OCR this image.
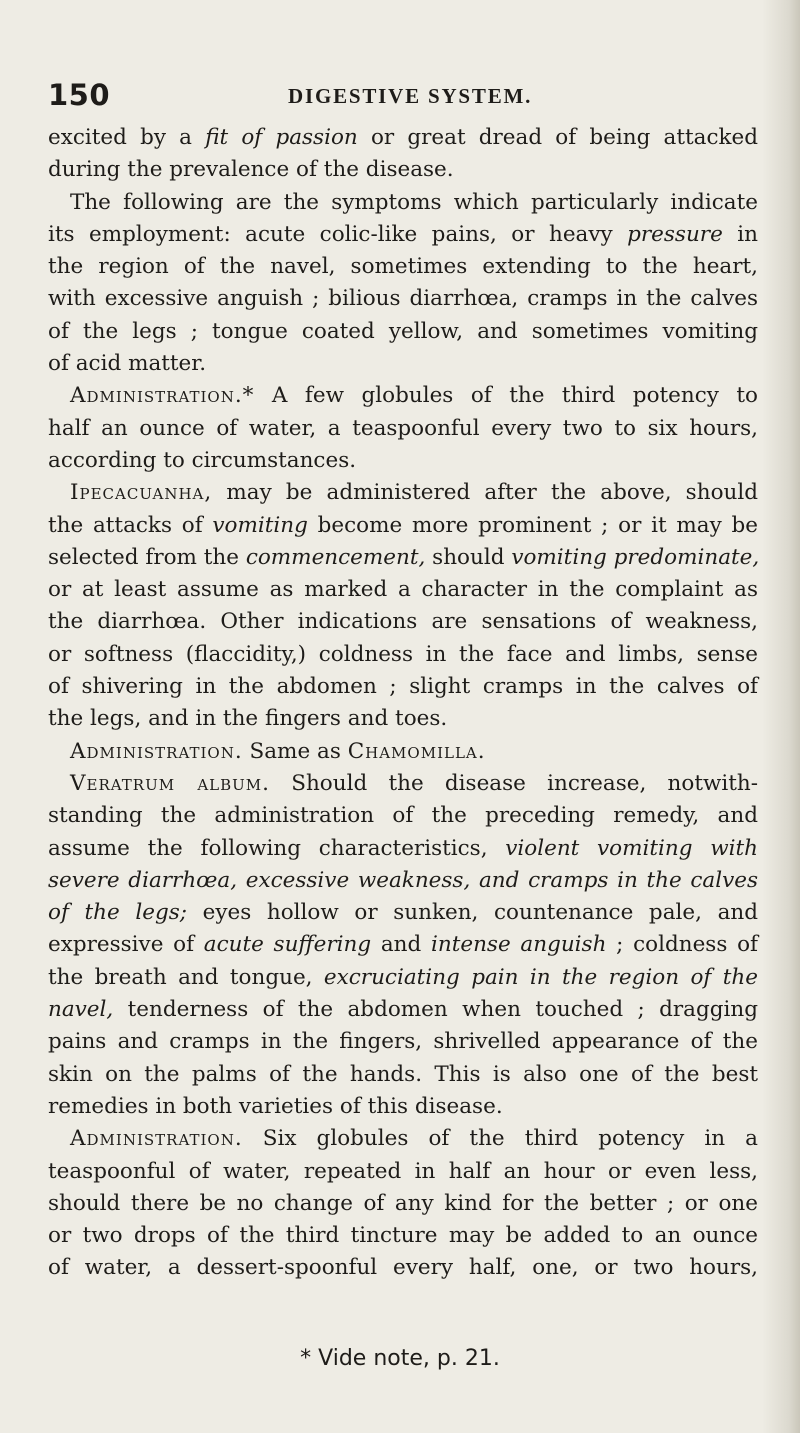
150	DIGESTIVE SYSTEM.
excited by a fit of passion or great dread of being attacked
during the prevalence of the disease.
The following are the symptoms which particularly indicate
its employment: acute colic-like pains, or heavy pressure in
the region of the navel, sometimes extending to the heart,
with excessive anguish ; bilious diarrhœa, cramps in the calves
of the legs ; tongue coated yellow, and sometimes vomiting
of acid matter.
Administration.* A few globules of the third potency to
half an ounce of water, a teaspoonful every two to six hours,
according to circumstances.
Ipecacuanha, may be administered after the above, should
the attacks of vomiting become more prominent ; or it may be
selected from the commencement, should vomiting predominate,
or at least assume as marked a character in the complaint as
the diarrhœa. Other indications are sensations of weakness,
or softness (flaccidity,) coldness in the face and limbs, sense
of shivering in the abdomen ; slight cramps in the calves of
the legs, and in the fingers and toes.
Administration. Same as Chamomilla.
Veratrum album. Should the disease increase, notwith-
standing the administration of the preceding remedy, and
assume the following characteristics, violent vomiting with
severe diarrhœa, excessive weakness, and cramps in the calves
of the legs; eyes hollow or sunken, countenance pale, and
expressive of acute suffering and intense anguish ; coldness of
the breath and tongue, excruciating pain in the region of the
navel, tenderness of the abdomen when touched ; dragging
pains and cramps in the fingers, shrivelled appearance of the
skin on the palms of the hands. This is also one of the best
remedies in both varieties of this disease.
Administration. Six globules of the third potency in a
teaspoonful of water, repeated in half an hour or even less,
should there be no change of any kind for the better ; or one
or two drops of the third tincture may be added to an ounce
of water, a dessert-spoonful every half, one, or two hours,
* Vide note, p. 21.
